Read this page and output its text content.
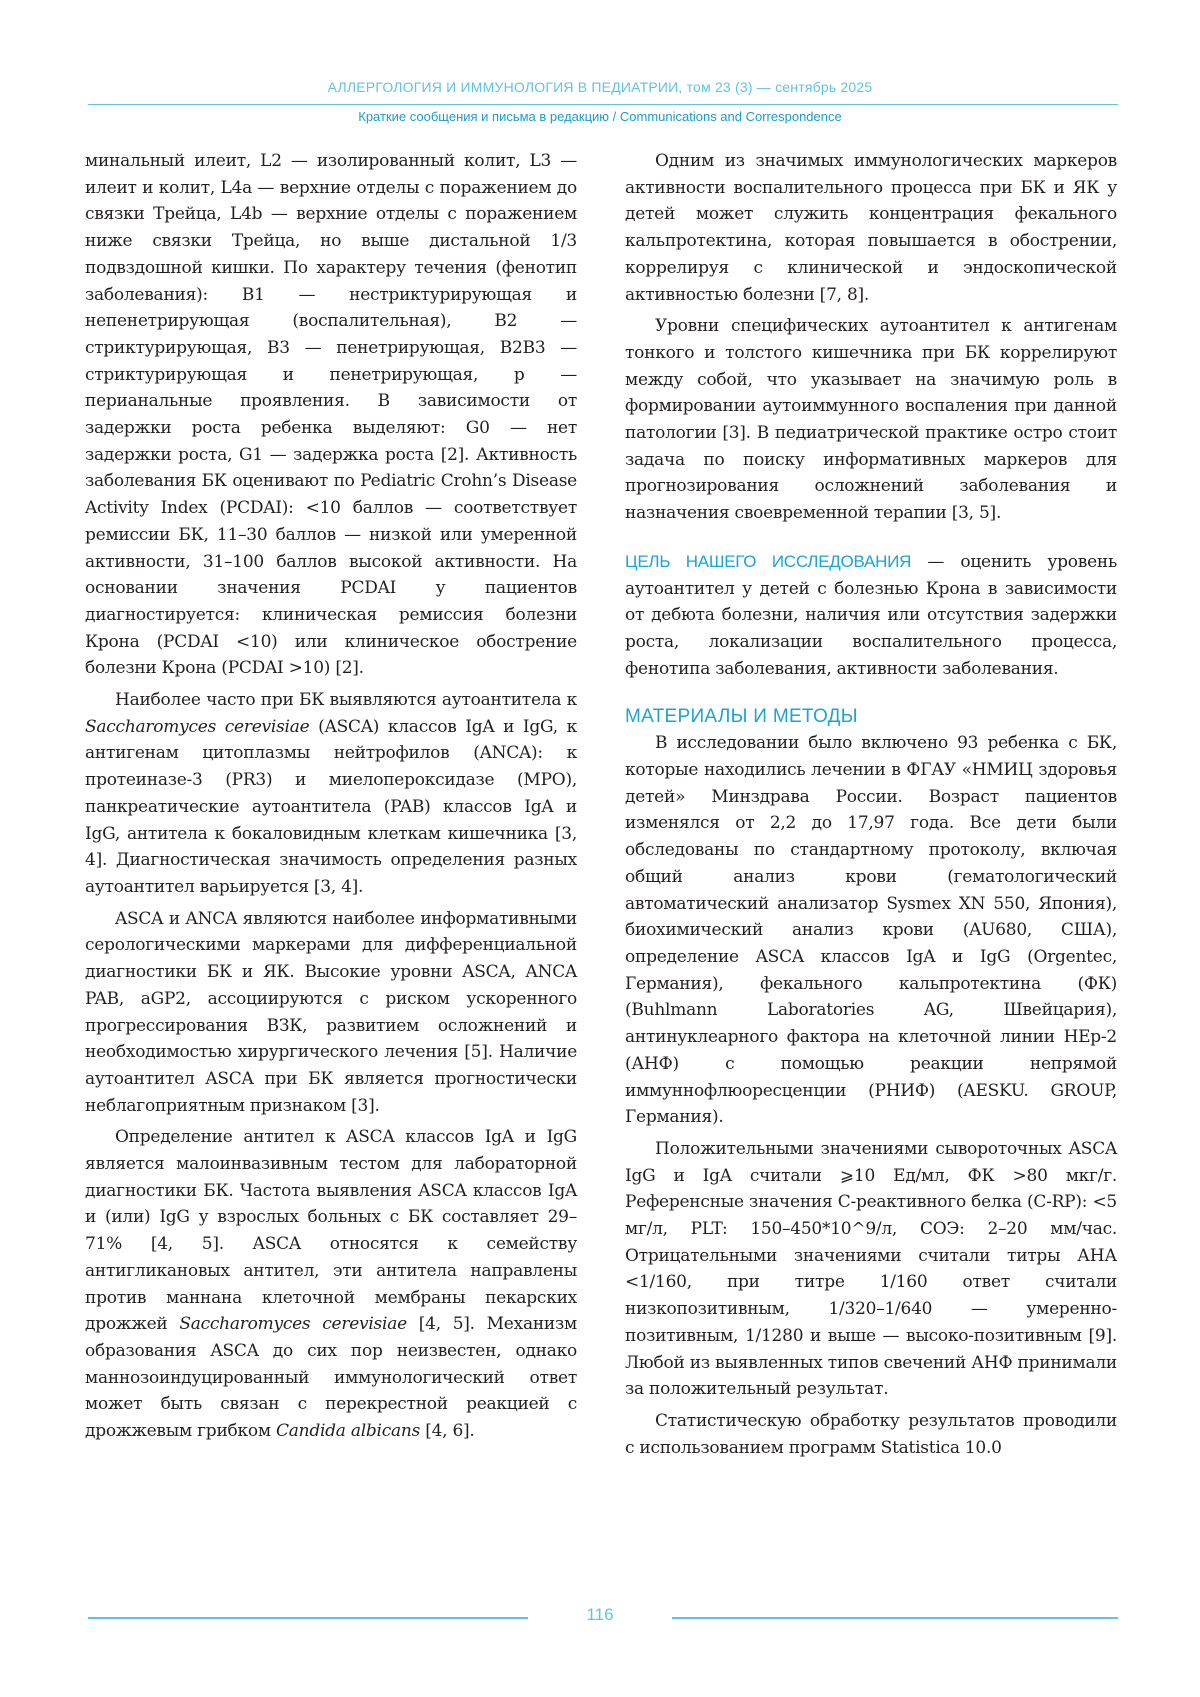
АЛЛЕРГОЛОГИЯ И ИММУНОЛОГИЯ В ПЕДИАТРИИ, том 23 (3) — сентябрь 2025
Краткие сообщения и письма в редакцию / Communications and Correspondence

минальный илеит, L2 — изолированный колит, L3 — илеит и колит, L4a — верхние отделы с поражением до связки Трейца, L4b — верхние отделы с поражением ниже связки Трейца, но выше дистальной 1/3 подвздошной кишки. По характеру течения (фенотип заболевания): B1 — нестриктурирующая и непенетрирующая (воспалительная), B2 — стриктурирующая, B3 — пенетрирующая, B2B3 — стриктурирующая и пенетрирующая, p — перианальные проявления. В зависимости от задержки роста ребенка выделяют: G0 — нет задержки роста, G1 — задержка роста [2]. Активность заболевания БК оценивают по Pediatric Crohn’s Disease Activity Index (PCDAI): <10 баллов — соответствует ремиссии БК, 11–30 баллов — низкой или умеренной активности, 31–100 баллов высокой активности. На основании значения PCDAI у пациентов диагностируется: клиническая ремиссия болезни Крона (PCDAI <10) или клиническое обострение болезни Крона (PCDAI >10) [2].

Наиболее часто при БК выявляются аутоантитела к Saccharomyces cerevisiae (ASCA) классов IgA и IgG, к антигенам цитоплазмы нейтрофилов (ANCA): к протеиназе-3 (PR3) и миелопероксидазе (MPO), панкреатические аутоантитела (PAB) классов IgA и IgG, антитела к бокаловидным клеткам кишечника [3, 4]. Диагностическая значимость определения разных аутоантител варьируется [3, 4].

ASCA и ANCA являются наиболее информативными серологическими маркерами для дифференциальной диагностики БК и ЯК. Высокие уровни ASCA, ANCA PAB, aGP2, ассоциируются с риском ускоренного прогрессирования ВЗК, развитием осложнений и необходимостью хирургического лечения [5]. Наличие аутоантител ASCA при БК является прогностически неблагоприятным признаком [3].

Определение антител к ASCA классов IgA и IgG является малоинвазивным тестом для лабораторной диагностики БК. Частота выявления ASCA классов IgA и (или) IgG у взрослых больных с БК составляет 29–71% [4, 5]. ASCA относятся к семейству антигликановых антител, эти антитела направлены против маннана клеточной мембраны пекарских дрожжей Saccharomyces cerevisiae [4, 5]. Механизм образования ASCA до сих пор неизвестен, однако маннозоиндуцированный иммунологический ответ может быть связан с перекрестной реакцией с дрожжевым грибком Candida albicans [4, 6].

Одним из значимых иммунологических маркеров активности воспалительного процесса при БК и ЯК у детей может служить концентрация фекального кальпротектина, которая повышается в обострении, коррелируя с клинической и эндоскопической активностью болезни [7, 8].

Уровни специфических аутоантител к антигенам тонкого и толстого кишечника при БК коррелируют между собой, что указывает на значимую роль в формировании аутоиммунного воспаления при данной патологии [3]. В педиатрической практике остро стоит задача по поиску информативных маркеров для прогнозирования осложнений заболевания и назначения своевременной терапии [3, 5].

ЦЕЛЬ НАШЕГО ИССЛЕДОВАНИЯ — оценить уровень аутоантител у детей с болезнью Крона в зависимости от дебюта болезни, наличия или отсутствия задержки роста, локализации воспалительного процесса, фенотипа заболевания, активности заболевания.

МАТЕРИАЛЫ И МЕТОДЫ

В исследовании было включено 93 ребенка с БК, которые находились лечении в ФГАУ «НМИЦ здоровья детей» Минздрава России. Возраст пациентов изменялся от 2,2 до 17,97 года. Все дети были обследованы по стандартному протоколу, включая общий анализ крови (гематологический автоматический анализатор Sysmex XN 550, Япония), биохимический анализ крови (AU680, США), определение ASCA классов IgA и IgG (Orgentec, Германия), фекального кальпротектина (ФК) (Buhlmann Laboratories AG, Швейцария), антинуклеарного фактора на клеточной линии HEp-2 (АНФ) с помощью реакции непрямой иммуннофлюоресценции (РНИФ) (AESKU. GROUP, Германия).

Положительными значениями сывороточных ASCA IgG и IgA считали ⩾10 Ед/мл, ФК >80 мкг/г. Референсные значения С-реактивного белка (С-RP): <5 мг/л, PLT: 150–450*10^9/л, СОЭ: 2–20 мм/час. Отрицательными значениями считали титры АНА <1/160, при титре 1/160 ответ считали низкопозитивным, 1/320–1/640 — умеренно-позитивным, 1/1280 и выше — высоко-позитивным [9]. Любой из выявленных типов свечений АНФ принимали за положительный результат.

Статистическую обработку результатов проводили с использованием программ Statistica 10.0

116
